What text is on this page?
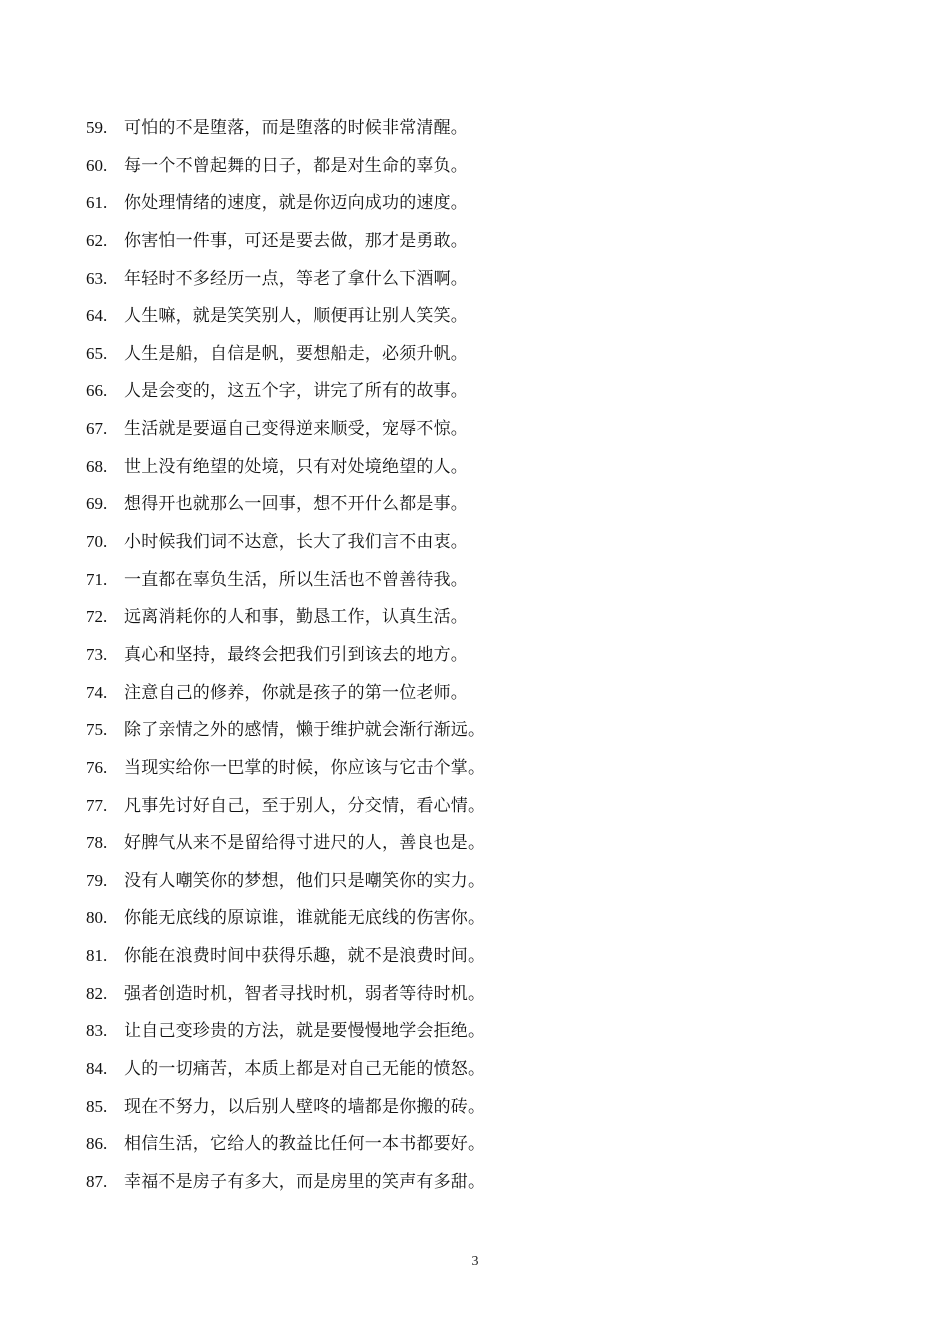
59. 可怕的不是堕落，而是堕落的时候非常清醒。
60. 每一个不曾起舞的日子，都是对生命的辜负。
61. 你处理情绪的速度，就是你迈向成功的速度。
62. 你害怕一件事，可还是要去做，那才是勇敢。
63. 年轻时不多经历一点，等老了拿什么下酒啊。
64. 人生嘛，就是笑笑别人，顺便再让别人笑笑。
65. 人生是船，自信是帆，要想船走，必须升帆。
66. 人是会变的，这五个字，讲完了所有的故事。
67. 生活就是要逼自己变得逆来顺受，宠辱不惊。
68. 世上没有绝望的处境，只有对处境绝望的人。
69. 想得开也就那么一回事，想不开什么都是事。
70. 小时候我们词不达意，长大了我们言不由衷。
71. 一直都在辜负生活，所以生活也不曾善待我。
72. 远离消耗你的人和事，勤恳工作，认真生活。
73. 真心和坚持，最终会把我们引到该去的地方。
74. 注意自己的修养，你就是孩子的第一位老师。
75. 除了亲情之外的感情，懒于维护就会渐行渐远。
76. 当现实给你一巴掌的时候，你应该与它击个掌。
77. 凡事先讨好自己，至于别人，分交情，看心情。
78. 好脾气从来不是留给得寸进尺的人，善良也是。
79. 没有人嘲笑你的梦想，他们只是嘲笑你的实力。
80. 你能无底线的原谅谁，谁就能无底线的伤害你。
81. 你能在浪费时间中获得乐趣，就不是浪费时间。
82. 强者创造时机，智者寻找时机，弱者等待时机。
83. 让自己变珍贵的方法，就是要慢慢地学会拒绝。
84. 人的一切痛苦，本质上都是对自己无能的愤怒。
85. 现在不努力，以后别人壁咚的墙都是你搬的砖。
86. 相信生活，它给人的教益比任何一本书都要好。
87. 幸福不是房子有多大，而是房里的笑声有多甜。
3
